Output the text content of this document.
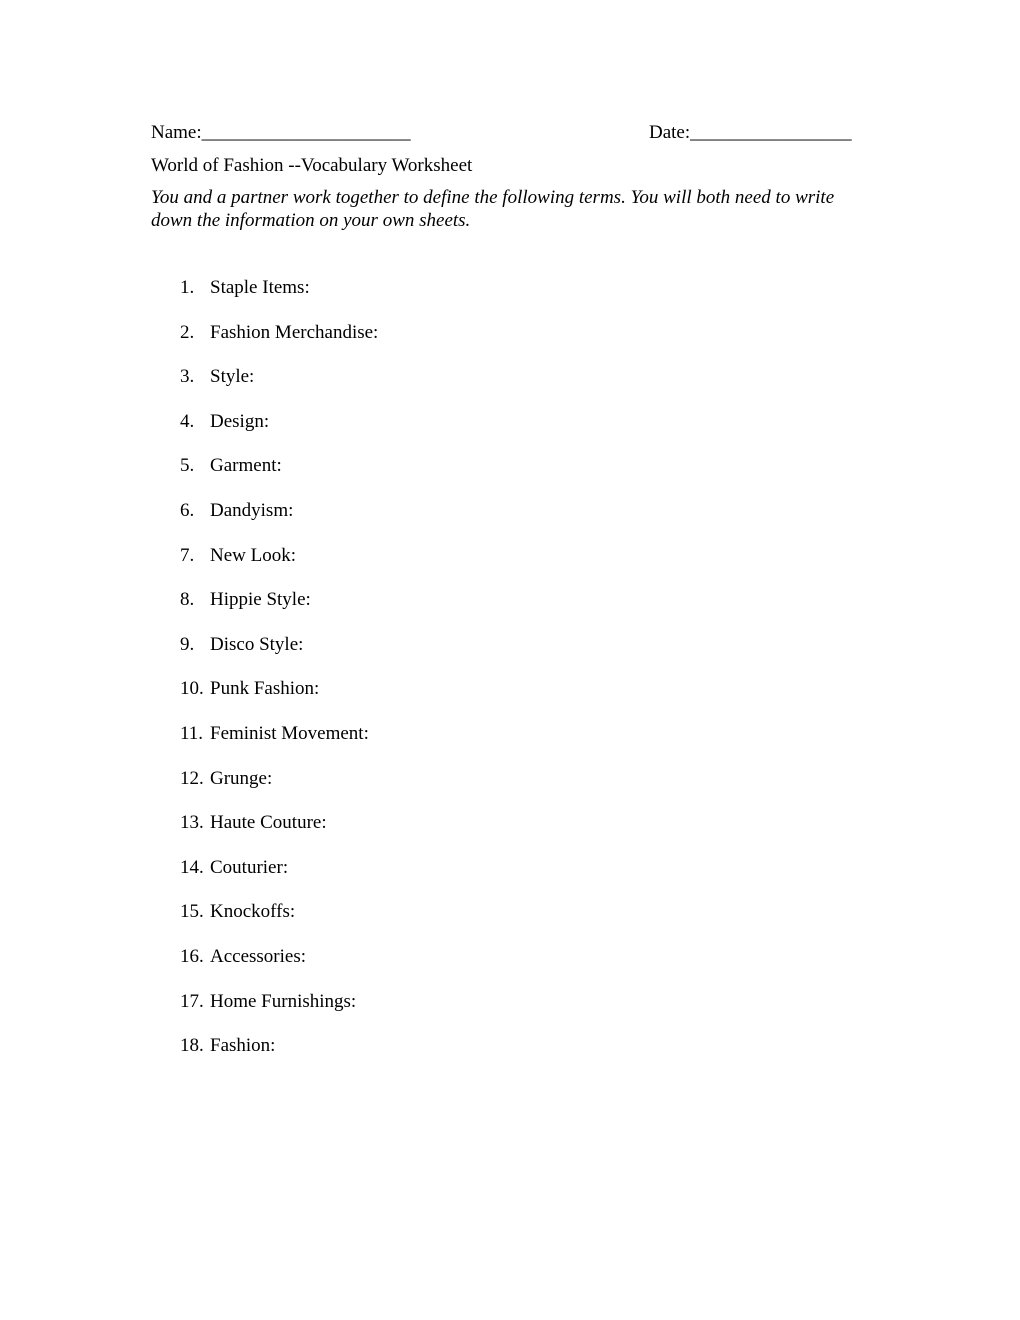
Name:______________________	Date:_________________
World of Fashion --Vocabulary Worksheet
You and a partner work together to define the following terms. You will both need to write down the information on your own sheets.
1. Staple Items:
2. Fashion Merchandise:
3. Style:
4. Design:
5. Garment:
6. Dandyism:
7. New Look:
8. Hippie Style:
9. Disco Style:
10. Punk Fashion:
11. Feminist Movement:
12. Grunge:
13. Haute Couture:
14. Couturier:
15. Knockoffs:
16. Accessories:
17. Home Furnishings:
18. Fashion:
